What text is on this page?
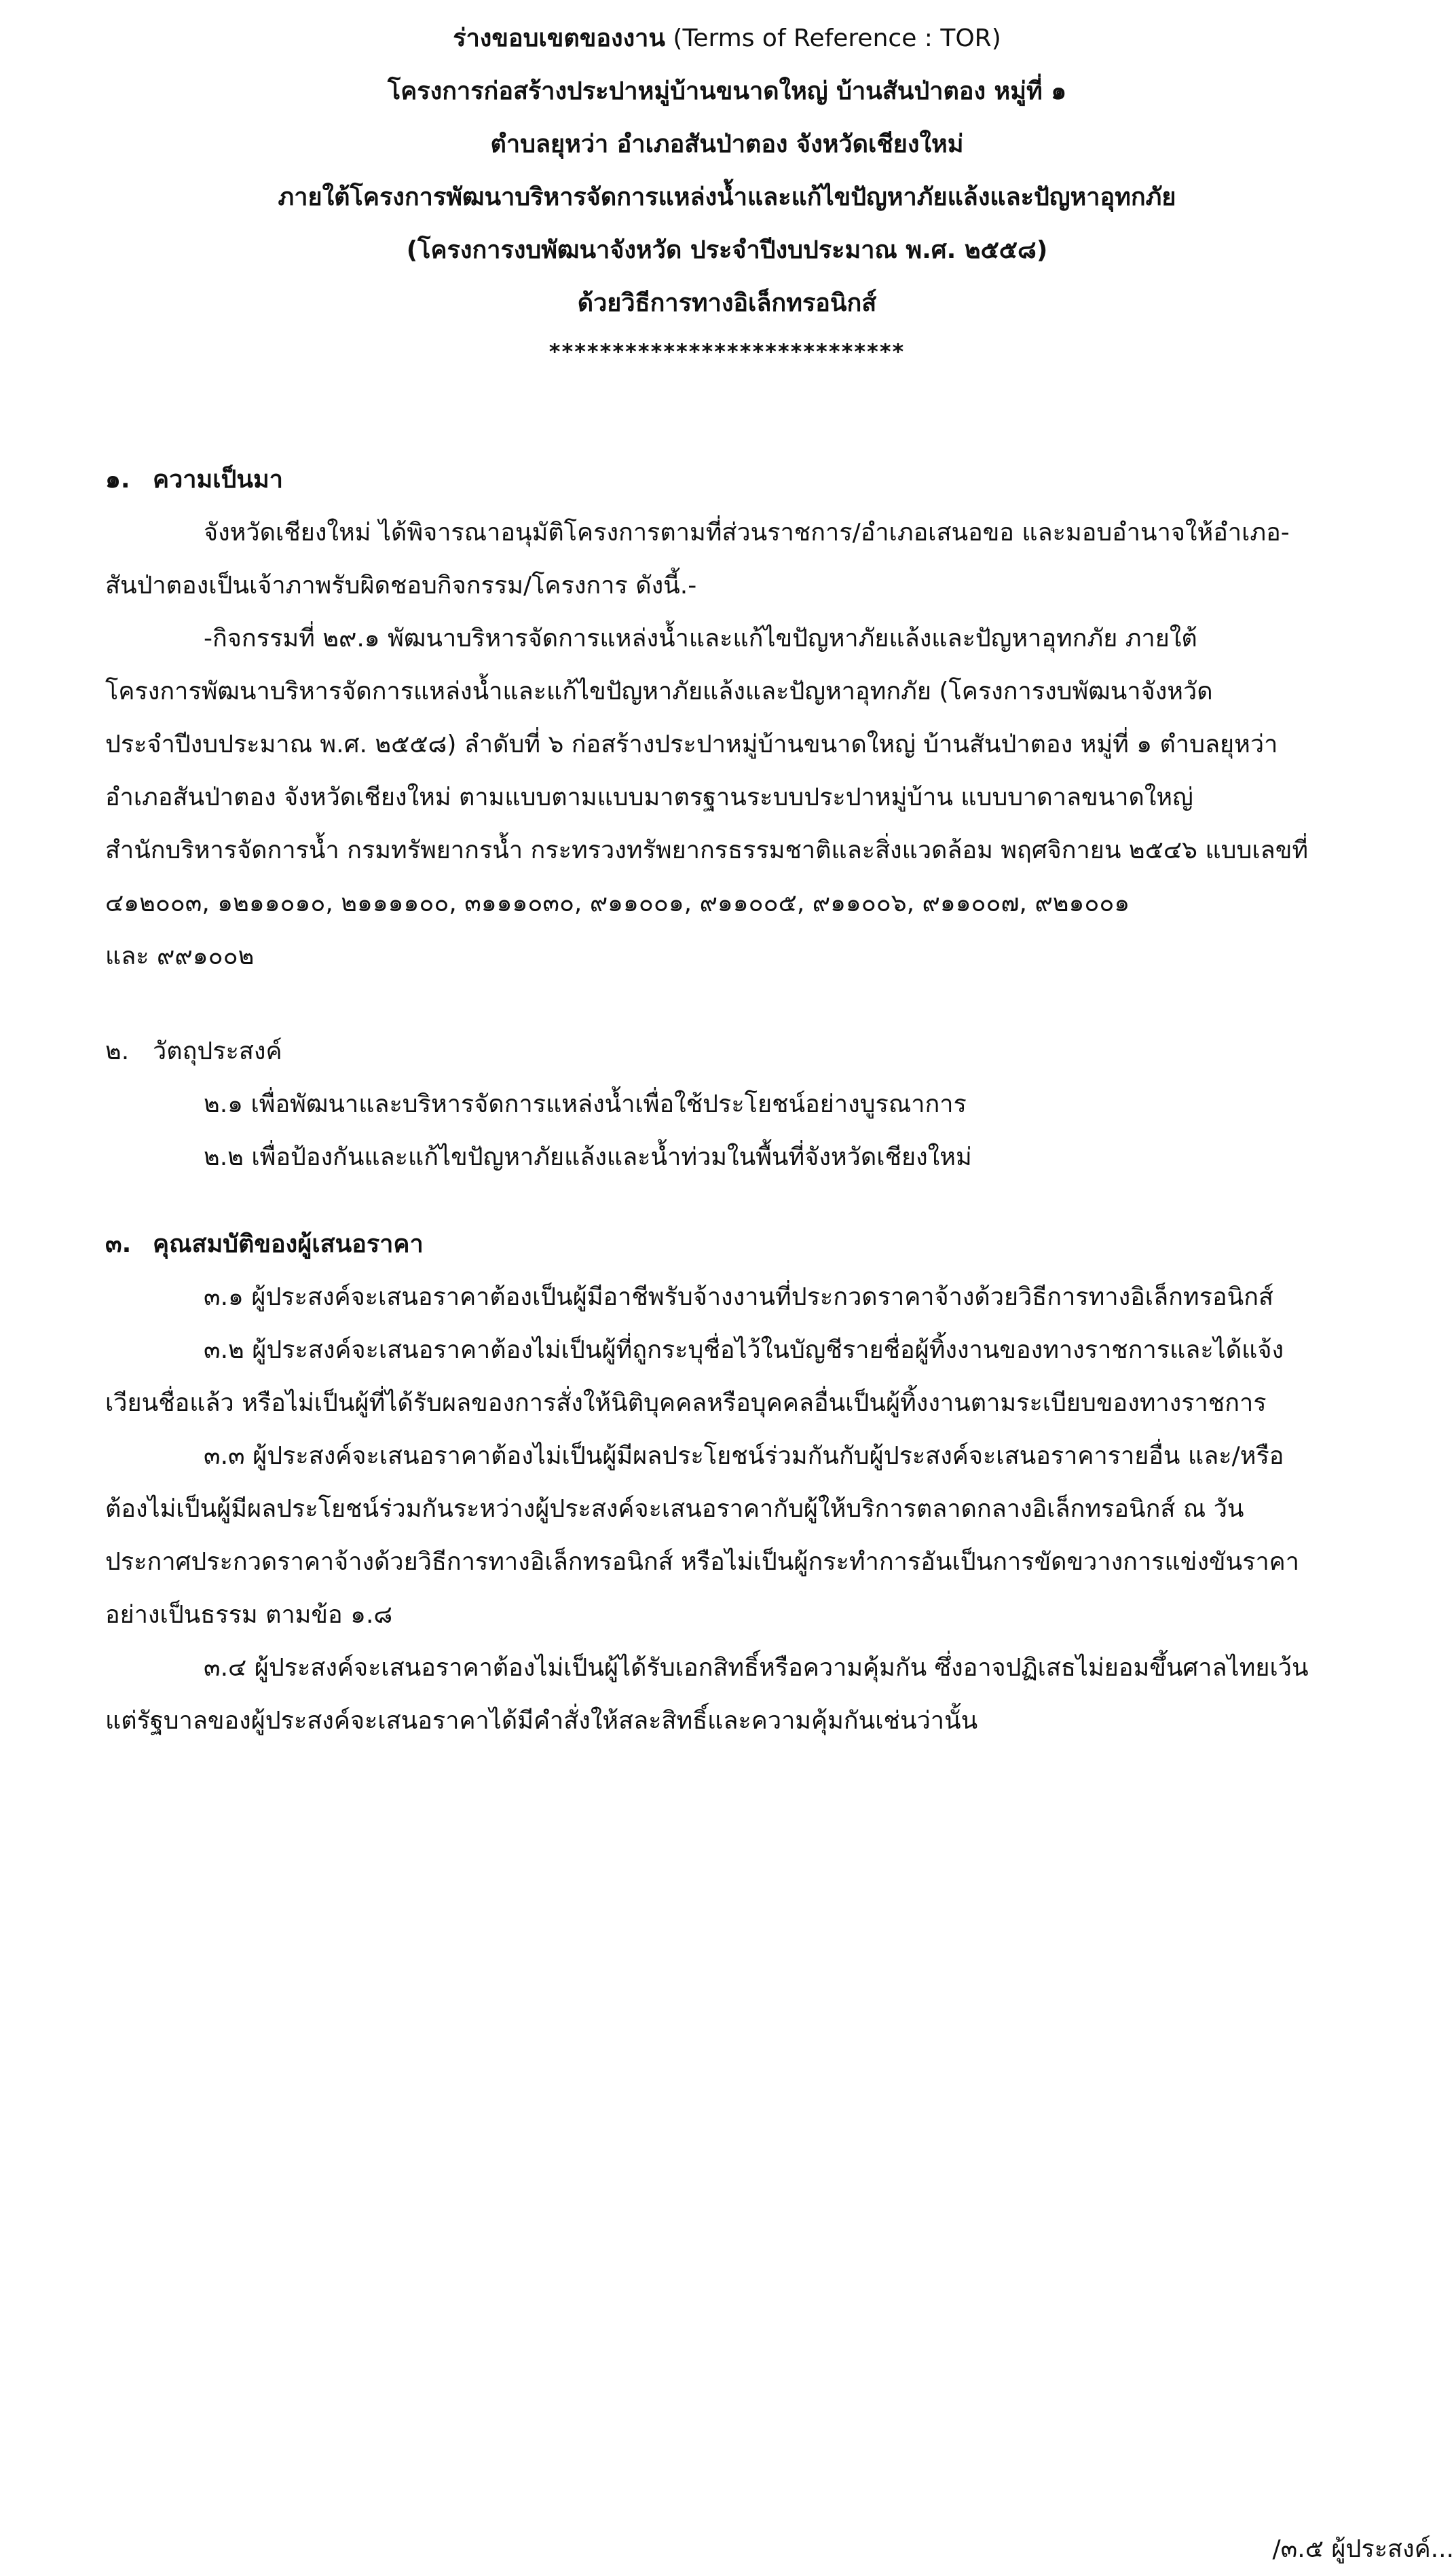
ร่างขอบเขตของงาน (Terms of Reference : TOR)
โครงการก่อสร้างประปาหมู่บ้านขนาดใหญ่ บ้านสันป่าตอง หมู่ที่ ๑
ตำบลยุหว่า อำเภอสันป่าตอง จังหวัดเชียงใหม่
ภายใต้โครงการพัฒนาบริหารจัดการแหล่งน้ำและแก้ไขปัญหาภัยแล้งและปัญหาอุทกภัย
(โครงการงบพัฒนาจังหวัด ประจำปีงบประมาณ พ.ศ. ๒๕๕๘)
ด้วยวิธีการทางอิเล็กทรอนิกส์
****************************
๑. ความเป็นมา
จังหวัดเชียงใหม่ ได้พิจารณาอนุมัติโครงการตามที่ส่วนราชการ/อำเภอเสนอขอ และมอบอำนาจให้อำเภอ-
สันป่าตองเป็นเจ้าภาพรับผิดชอบกิจกรรม/โครงการ ดังนี้.-
-กิจกรรมที่ ๒๙.๑ พัฒนาบริหารจัดการแหล่งน้ำและแก้ไขปัญหาภัยแล้งและปัญหาอุทกภัย ภายใต้
โครงการพัฒนาบริหารจัดการแหล่งน้ำและแก้ไขปัญหาภัยแล้งและปัญหาอุทกภัย (โครงการงบพัฒนาจังหวัด
ประจำปีงบประมาณ พ.ศ. ๒๕๕๘) ลำดับที่ ๖ ก่อสร้างประปาหมู่บ้านขนาดใหญ่ บ้านสันป่าตอง หมู่ที่ ๑ ตำบลยุหว่า
อำเภอสันป่าตอง จังหวัดเชียงใหม่ ตามแบบตามแบบมาตรฐานระบบประปาหมู่บ้าน แบบบาดาลขนาดใหญ่
สำนักบริหารจัดการน้ำ กรมทรัพยากรน้ำ กระทรวงทรัพยากรธรรมชาติและสิ่งแวดล้อม พฤศจิกายน ๒๕๔๖ แบบเลขที่
๔๑๒๐๐๓, ๑๒๑๑๐๑๐, ๒๑๑๑๑๐๐, ๓๑๑๑๐๓๐, ๙๑๑๐๐๑, ๙๑๑๐๐๕, ๙๑๑๐๐๖, ๙๑๑๐๐๗, ๙๒๑๐๐๑
และ ๙๙๑๐๐๒
๒. วัตถุประสงค์
๒.๑ เพื่อพัฒนาและบริหารจัดการแหล่งน้ำเพื่อใช้ประโยชน์อย่างบูรณาการ
๒.๒ เพื่อป้องกันและแก้ไขปัญหาภัยแล้งและน้ำท่วมในพื้นที่จังหวัดเชียงใหม่
๓. คุณสมบัติของผู้เสนอราคา
๓.๑ ผู้ประสงค์จะเสนอราคาต้องเป็นผู้มีอาชีพรับจ้างงานที่ประกวดราคาจ้างด้วยวิธีการทางอิเล็กทรอนิกส์
๓.๒ ผู้ประสงค์จะเสนอราคาต้องไม่เป็นผู้ที่ถูกระบุชื่อไว้ในบัญชีรายชื่อผู้ทิ้งงานของทางราชการและได้แจ้ง
เวียนชื่อแล้ว หรือไม่เป็นผู้ที่ได้รับผลของการสั่งให้นิติบุคคลหรือบุคคลอื่นเป็นผู้ทิ้งงานตามระเบียบของทางราชการ
๓.๓ ผู้ประสงค์จะเสนอราคาต้องไม่เป็นผู้มีผลประโยชน์ร่วมกันกับผู้ประสงค์จะเสนอราคารายอื่น และ/หรือ
ต้องไม่เป็นผู้มีผลประโยชน์ร่วมกันระหว่างผู้ประสงค์จะเสนอราคากับผู้ให้บริการตลาดกลางอิเล็กทรอนิกส์ ณ วัน
ประกาศประกวดราคาจ้างด้วยวิธีการทางอิเล็กทรอนิกส์ หรือไม่เป็นผู้กระทำการอันเป็นการขัดขวางการแข่งขันราคา
อย่างเป็นธรรม ตามข้อ ๑.๘
๓.๔ ผู้ประสงค์จะเสนอราคาต้องไม่เป็นผู้ได้รับเอกสิทธิ์หรือความคุ้มกัน ซึ่งอาจปฏิเสธไม่ยอมขึ้นศาลไทยเว้น
แต่รัฐบาลของผู้ประสงค์จะเสนอราคาได้มีคำสั่งให้สละสิทธิ์และความคุ้มกันเช่นว่านั้น
/๓.๕ ผู้ประสงค์...
